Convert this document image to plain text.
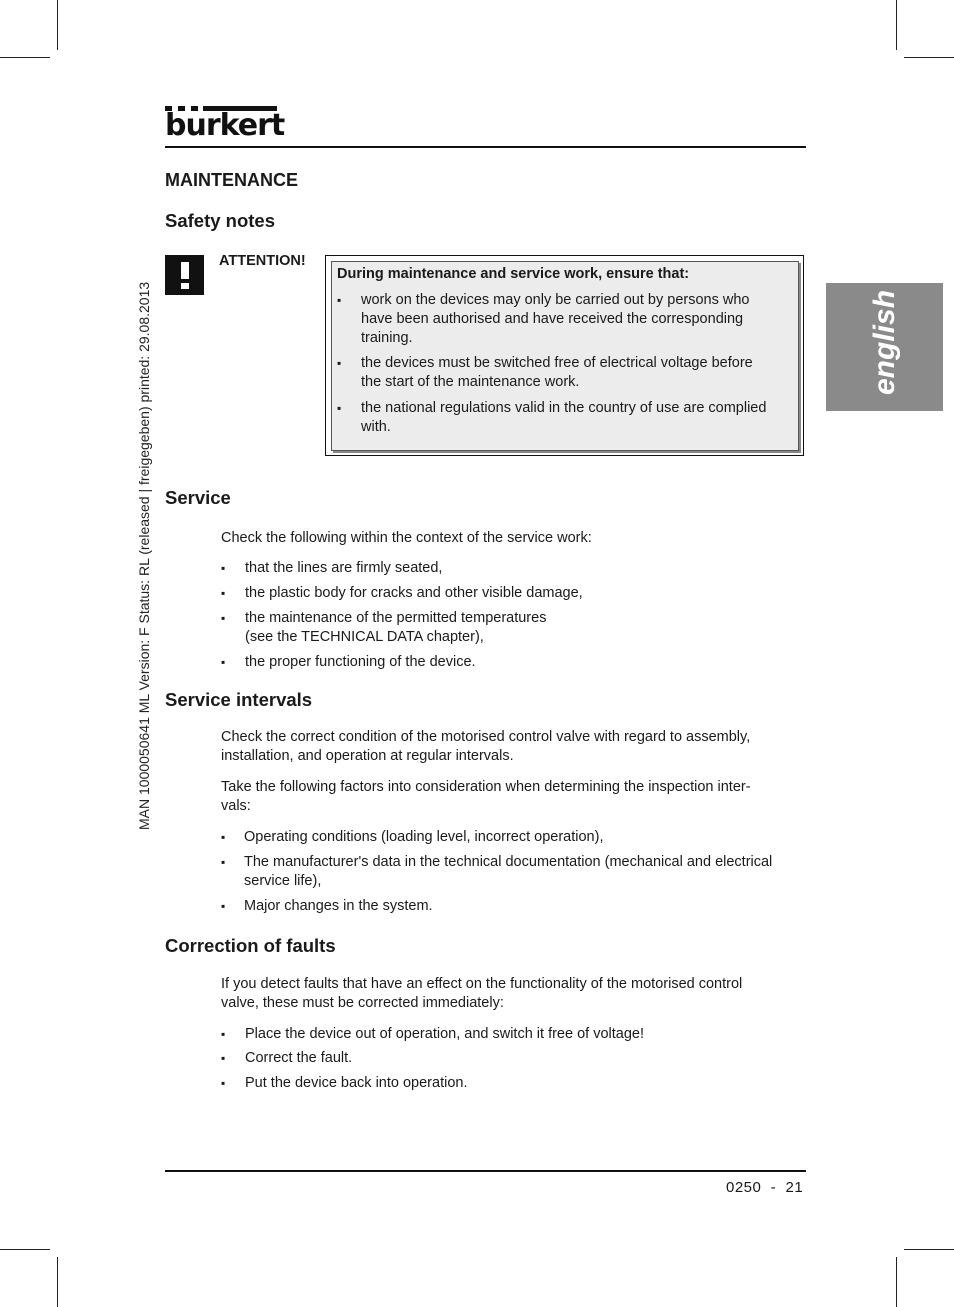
burkert
MAN 1000050641 ML Version: F Status: RL (released | freigegeben) printed: 29.08.2013	english
MAINTENANCE
Safety notes
ATTENTION!
During maintenance and service work, ensure that:
▪ work on the devices may only be carried out by persons who
have been authorised and have received the corresponding
training.
▪ the devices must be switched free of electrical voltage before
the start of the maintenance work.
▪ the national regulations valid in the country of use are complied
with.
Service

Check the following within the context of the service work:

▪ that the lines are firmly seated,
▪ the plastic body for cracks and other visible damage,
▪ the maintenance of the permitted temperatures
(see the TECHNICAL DATA chapter),
▪ the proper functioning of the device.
Service intervals
Check the correct condition of the motorised control valve with regard to assembly,
installation, and operation at regular intervals.
Take the following factors into consideration when determining the inspection inter-
vals:
▪ Operating conditions (loading level, incorrect operation),
▪ The manufacturer's data in the technical documentation (mechanical and electrical
service life),
▪ Major changes in the system.
Correction of faults
If you detect faults that have an effect on the functionality of the motorised control
valve, these must be corrected immediately:
▪ Place the device out of operation, and switch it free of voltage!
▪ Correct the fault.
▪ Put the device back into operation.
0250  -  21
